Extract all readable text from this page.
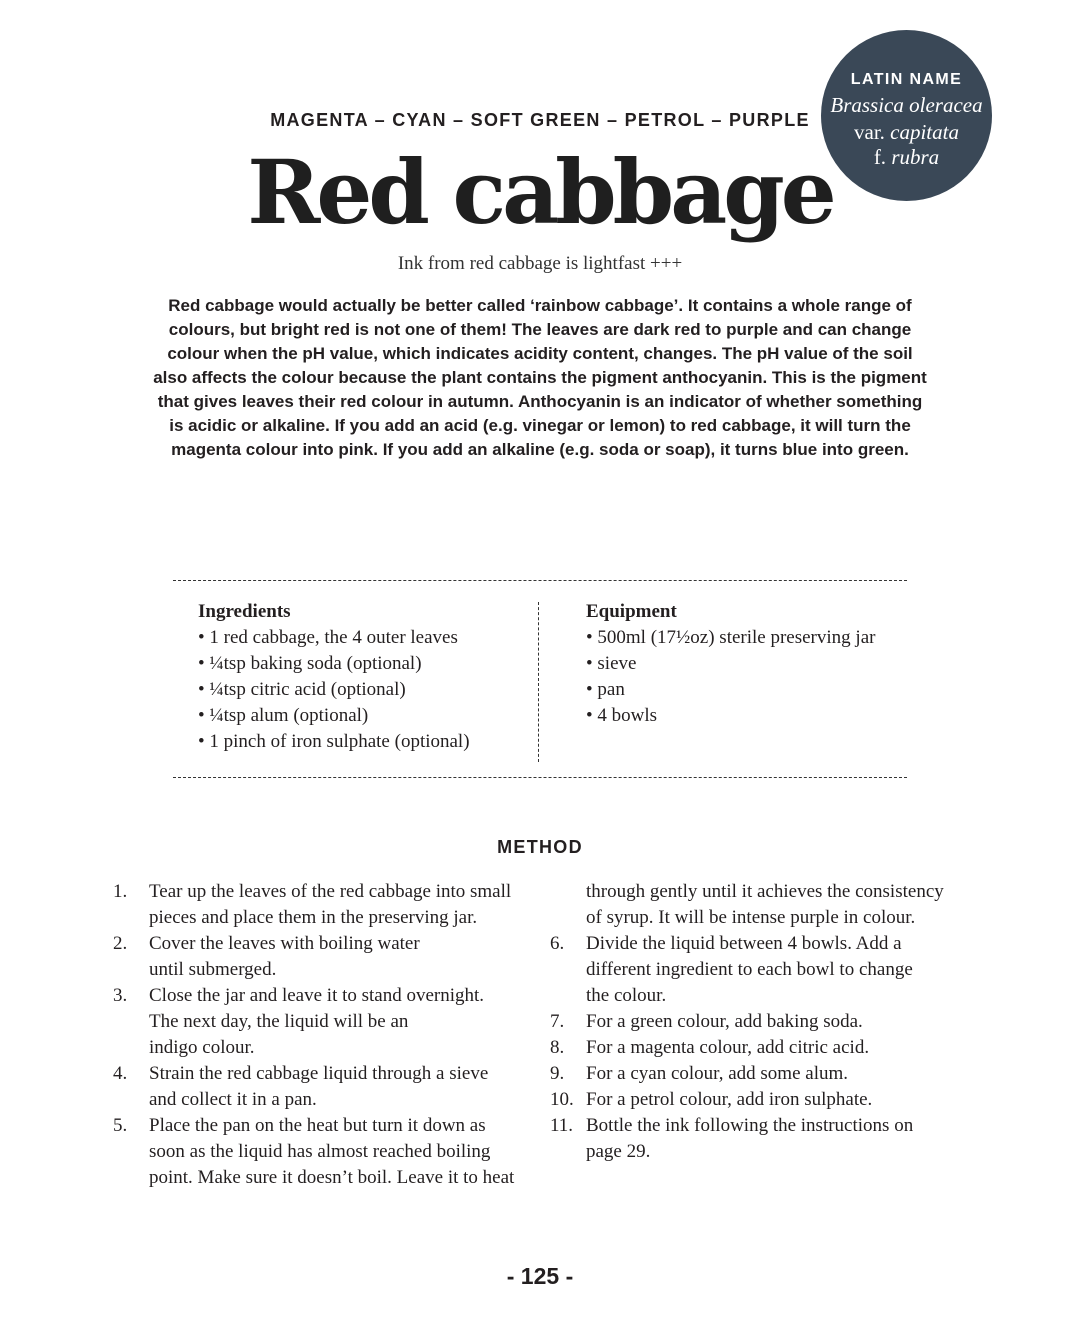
LATIN NAME
Brassica oleracea
var. capitata
f. rubra
MAGENTA – CYAN – SOFT GREEN – PETROL – PURPLE
Red cabbage
Ink from red cabbage is lightfast +++
Red cabbage would actually be better called ‘rainbow cabbage’. It contains a whole range of
colours, but bright red is not one of them! The leaves are dark red to purple and can change
colour when the pH value, which indicates acidity content, changes. The pH value of the soil
also affects the colour because the plant contains the pigment anthocyanin. This is the pigment
that gives leaves their red colour in autumn. Anthocyanin is an indicator of whether something
is acidic or alkaline. If you add an acid (e.g. vinegar or lemon) to red cabbage, it will turn the
magenta colour into pink. If you add an alkaline (e.g. soda or soap), it turns blue into green.
Ingredients
• 1 red cabbage, the 4 outer leaves
• ¼tsp baking soda (optional)
• ¼tsp citric acid (optional)
• ¼tsp alum (optional)
• 1 pinch of iron sulphate (optional)
Equipment
• 500ml (17½oz) sterile preserving jar
• sieve
• pan
• 4 bowls
METHOD
1. Tear up the leaves of the red cabbage into small
pieces and place them in the preserving jar.
2. Cover the leaves with boiling water
until submerged.
3. Close the jar and leave it to stand overnight.
The next day, the liquid will be an
indigo colour.
4. Strain the red cabbage liquid through a sieve
and collect it in a pan.
5. Place the pan on the heat but turn it down as
soon as the liquid has almost reached boiling
point. Make sure it doesn’t boil. Leave it to heat
through gently until it achieves the consistency
of syrup. It will be intense purple in colour.
6. Divide the liquid between 4 bowls. Add a
different ingredient to each bowl to change
the colour.
7. For a green colour, add baking soda.
8. For a magenta colour, add citric acid.
9. For a cyan colour, add some alum.
10. For a petrol colour, add iron sulphate.
11. Bottle the ink following the instructions on
page 29.
- 125 -
